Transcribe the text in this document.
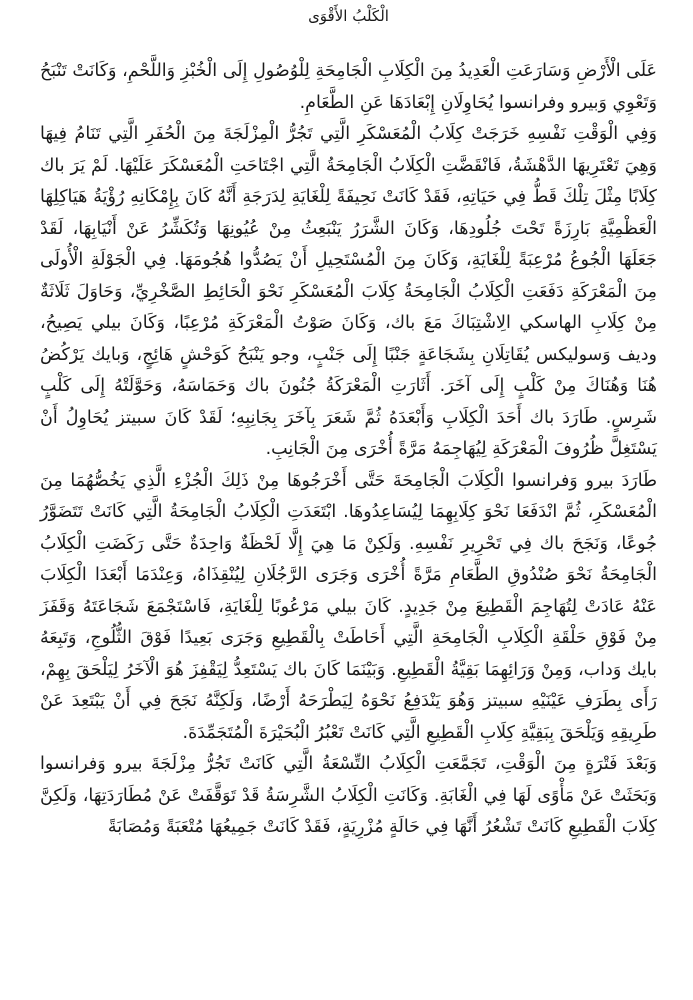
الْكَلْبُ الأَقْوَى

عَلَى الْأَرْضِ وَسَارَعَتِ الْعَدِيدُ مِنَ الْكِلَابِ الْجَامِحَةِ لِلْوُصُولِ إِلَى الْخُبْزِ وَاللَّحْمِ، وَكَانَتْ تَنْبَحُ وَتَعْوِي وَبيرو وفرانسوا يُحَاوِلَانِ إِبْعَادَهَا عَنِ الطَّعَامِ.

وَفِي الْوَقْتِ نَفْسِهِ خَرَجَتْ كِلَابُ الْمُعَسْكَرِ الَّتِي تَجُرُّ الْمِزْلَجَةَ مِنَ الْحُفَرِ الَّتِي تَنَامُ فِيهَا وَهِيَ تَعْتَرِيهَا الدَّهْشَةُ، فَانْقَضَّتِ الْكِلَابُ الْجَامِحَةُ الَّتِي اجْتَاحَتِ الْمُعَسْكَرَ عَلَيْهَا. لَمْ يَرَ باك كِلَابًا مِثْلَ تِلْكَ قَطُّ فِي حَيَاتِهِ، فَقَدْ كَانَتْ نَحِيفَةً لِلْغَايَةِ لِدَرَجَةِ أَنَّهُ كَانَ بِإِمْكَانِهِ رُؤْيَةُ هَيَاكِلِهَا الْعَظْمِيَّةِ بَارِزَةً تَحْتَ جُلُودِهَا، وَكَانَ الشَّرَرُ يَنْبَعِثُ مِنْ عُيُونِهَا وَتُكَشِّرُ عَنْ أَنْيَابِهَا، لَقَدْ جَعَلَهَا الْجُوعُ مُرْعِبَةً لِلْغَايَةِ، وَكَانَ مِنَ الْمُسْتَحِيلِ أَنْ يَصُدُّوا هُجُومَهَا. فِي الْجَوْلَةِ الْأُولَى مِنَ الْمَعْرَكَةِ دَفَعَتِ الْكِلَابُ الْجَامِحَةُ كِلَابَ الْمُعَسْكَرِ نَحْوَ الْحَائِطِ الصَّخْرِيِّ، وَحَاوَلَ ثَلَاثَةٌ مِنْ كِلَابِ الهاسكي الِاشْتِبَاكَ مَعَ باك، وَكَانَ صَوْتُ الْمَعْرَكَةِ مُرْعِبًا، وَكَانَ بيلي يَصِيحُ، وديف وَسوليكس يُقَاتِلَانِ بِشَجَاعَةٍ جَنْبًا إِلَى جَنْبٍ، وجو يَنْبَحُ كَوَحْشٍ هَائِجٍ، وَبايك يَرْكُضُ هُنَا وَهُنَاكَ مِنْ كَلْبٍ إِلَى آخَرَ. أَثَارَتِ الْمَعْرَكَةُ جُنُونَ باك وَحَمَاسَهُ، وَحَوَّلَتْهُ إِلَى كَلْبٍ شَرِسٍ. طَارَدَ باك أَحَدَ الْكِلَابِ وَأَبْعَدَهُ ثُمَّ شَعَرَ بِآخَرَ بِجَانِبِهِ؛ لَقَدْ كَانَ سبيتز يُحَاوِلُ أَنْ يَسْتَغِلَّ ظُرُوفَ الْمَعْرَكَةِ لِيُهَاجِمَهُ مَرَّةً أُخْرَى مِنَ الْجَانِبِ.

طَارَدَ بيرو وَفرانسوا الْكِلَابَ الْجَامِحَةَ حَتَّى أَخْرَجُوهَا مِنْ ذَلِكَ الْجُزْءِ الَّذِي يَخُصُّهُمَا مِنَ الْمُعَسْكَرِ، ثُمَّ انْدَفَعَا نَحْوَ كِلَابِهِمَا لِيُسَاعِدُوهَا. ابْتَعَدَتِ الْكِلَابُ الْجَامِحَةُ الَّتِي كَانَتْ تَتَضَوَّرُ جُوعًا، وَنَجَحَ باك فِي تَحْرِيرِ نَفْسِهِ. وَلَكِنْ مَا هِيَ إِلَّا لَحْظَةٌ وَاحِدَةٌ حَتَّى رَكَضَتِ الْكِلَابُ الْجَامِحَةُ نَحْوَ صُنْدُوقِ الطَّعَامِ مَرَّةً أُخْرَى وَجَرَى الرَّجُلَانِ لِيُنْقِذَاهُ، وَعِنْدَمَا أَبْعَدَا الْكِلَابَ عَنْهُ عَادَتْ لِتُهَاجِمَ الْقَطِيعَ مِنْ جَدِيدٍ. كَانَ بيلي مَرْعُوبًا لِلْغَايَةِ، فَاسْتَجْمَعَ شَجَاعَتَهُ وَقَفَزَ مِنْ فَوْقِ حَلْقَةِ الْكِلَابِ الْجَامِحَةِ الَّتِي أَحَاطَتْ بِالْقَطِيعِ وَجَرَى بَعِيدًا فَوْقَ الثُّلُوجِ، وَتَبِعَهُ بايك وَداب، وَمِنْ وَرَائِهِمَا بَقِيَّةُ الْقَطِيعِ. وَبَيْنَمَا كَانَ باك يَسْتَعِدُّ لِيَقْفِزَ هُوَ الْآخَرُ لِيَلْحَقَ بِهِمْ، رَأَى بِطَرَفِ عَيْنَيْهِ سبيتز وَهُوَ يَنْدَفِعُ نَحْوَهُ لِيَطْرَحَهُ أَرْضًا، وَلَكِنَّهُ نَجَحَ فِي أَنْ يَبْتَعِدَ عَنْ طَرِيقِهِ وَيَلْحَقَ بِبَقِيَّةِ كِلَابِ الْقَطِيعِ الَّتِي كَانَتْ تَعْبُرُ الْبُحَيْرَةَ الْمُتَجَمِّدَةَ.

وَبَعْدَ فَتْرَةٍ مِنَ الْوَقْتِ، تَجَمَّعَتِ الْكِلَابُ التِّسْعَةُ الَّتِي كَانَتْ تَجُرُّ مِزْلَجَةَ بيرو وَفرانسوا وَبَحَثَتْ عَنْ مَأْوًى لَهَا فِي الْغَابَةِ. وَكَانَتِ الْكِلَابُ الشَّرِسَةُ قَدْ تَوَقَّفَتْ عَنْ مُطَارَدَتِهَا، وَلَكِنَّ كِلَابَ الْقَطِيعِ كَانَتْ تَشْعُرُ أَنَّهَا فِي حَالَةٍ مُزْرِيَةٍ، فَقَدْ كَانَتْ جَمِيعُهَا مُتْعَبَةً وَمُصَابَةً
